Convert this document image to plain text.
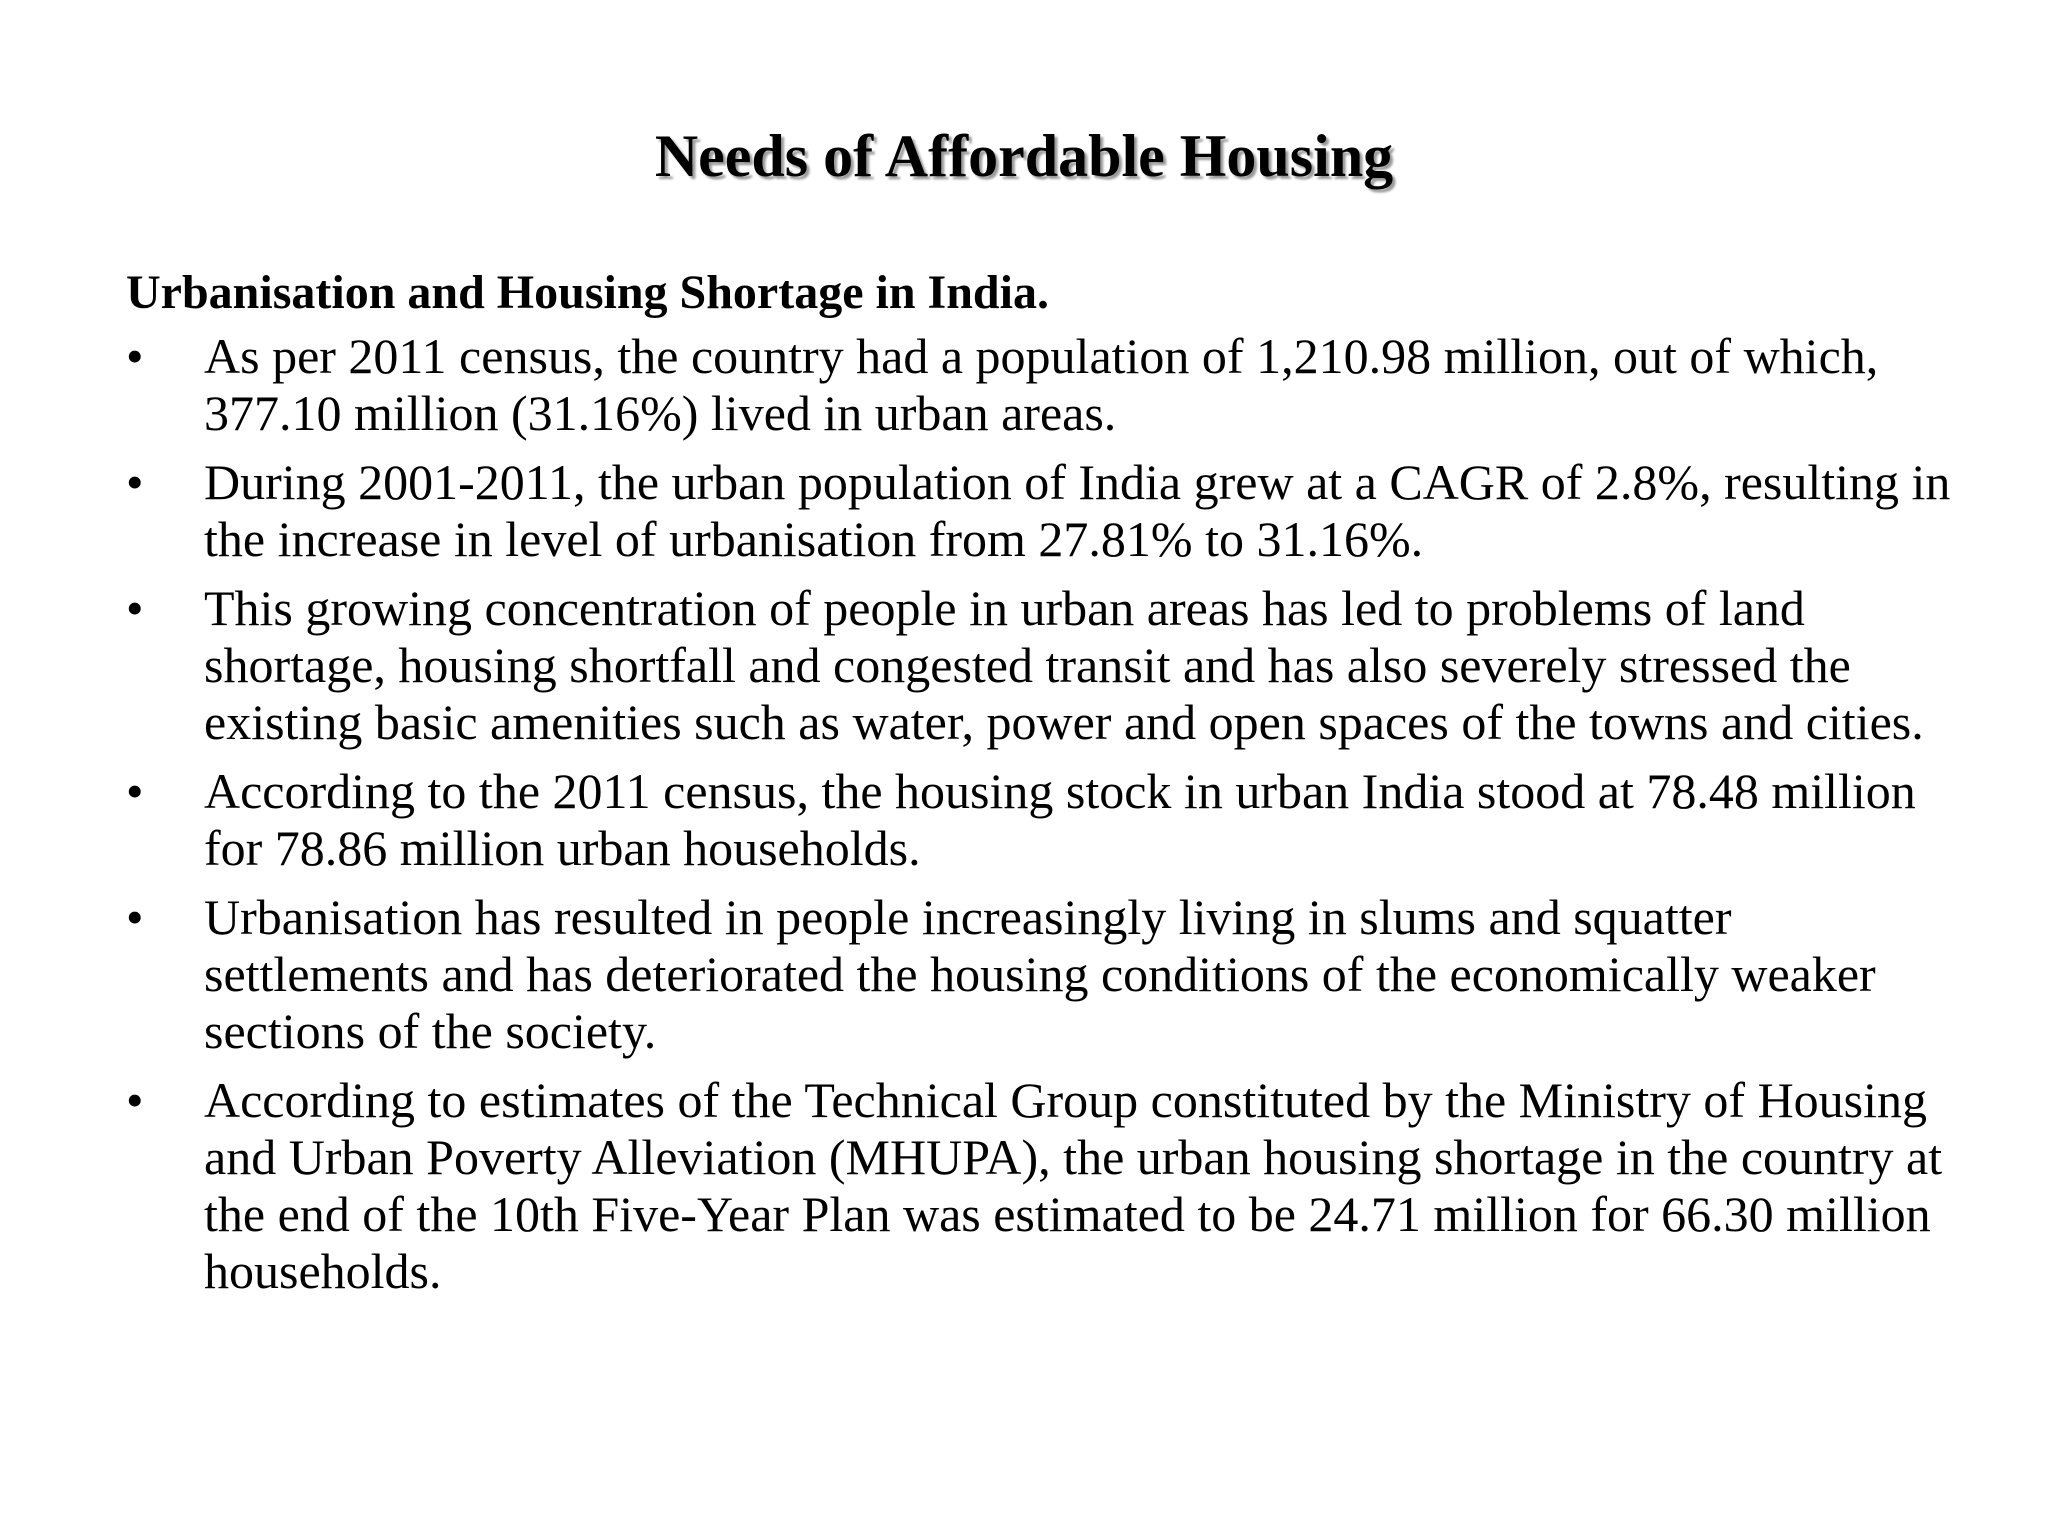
Needs of Affordable Housing

Urbanisation and Housing Shortage in India.

•	As per 2011 census, the country had a population of 1,210.98 million, out of which, 377.10 million (31.16%) lived in urban areas.
•	During 2001-2011, the urban population of India grew at a CAGR of 2.8%, resulting in the increase in level of urbanisation from 27.81% to 31.16%.
•	This growing concentration of people in urban areas has led to problems of land shortage, housing shortfall and congested transit and has also severely stressed the existing basic amenities such as water, power and open spaces of the towns and cities.
•	According to the 2011 census, the housing stock in urban India stood at 78.48 million for 78.86 million urban households.
•	Urbanisation has resulted in people increasingly living in slums and squatter settlements and has deteriorated the housing conditions of the economically weaker sections of the society.
•	According to estimates of the Technical Group constituted by the Ministry of Housing and Urban Poverty Alleviation (MHUPA), the urban housing shortage in the country at the end of the 10th Five-Year Plan was estimated to be 24.71 million for 66.30 million households.
